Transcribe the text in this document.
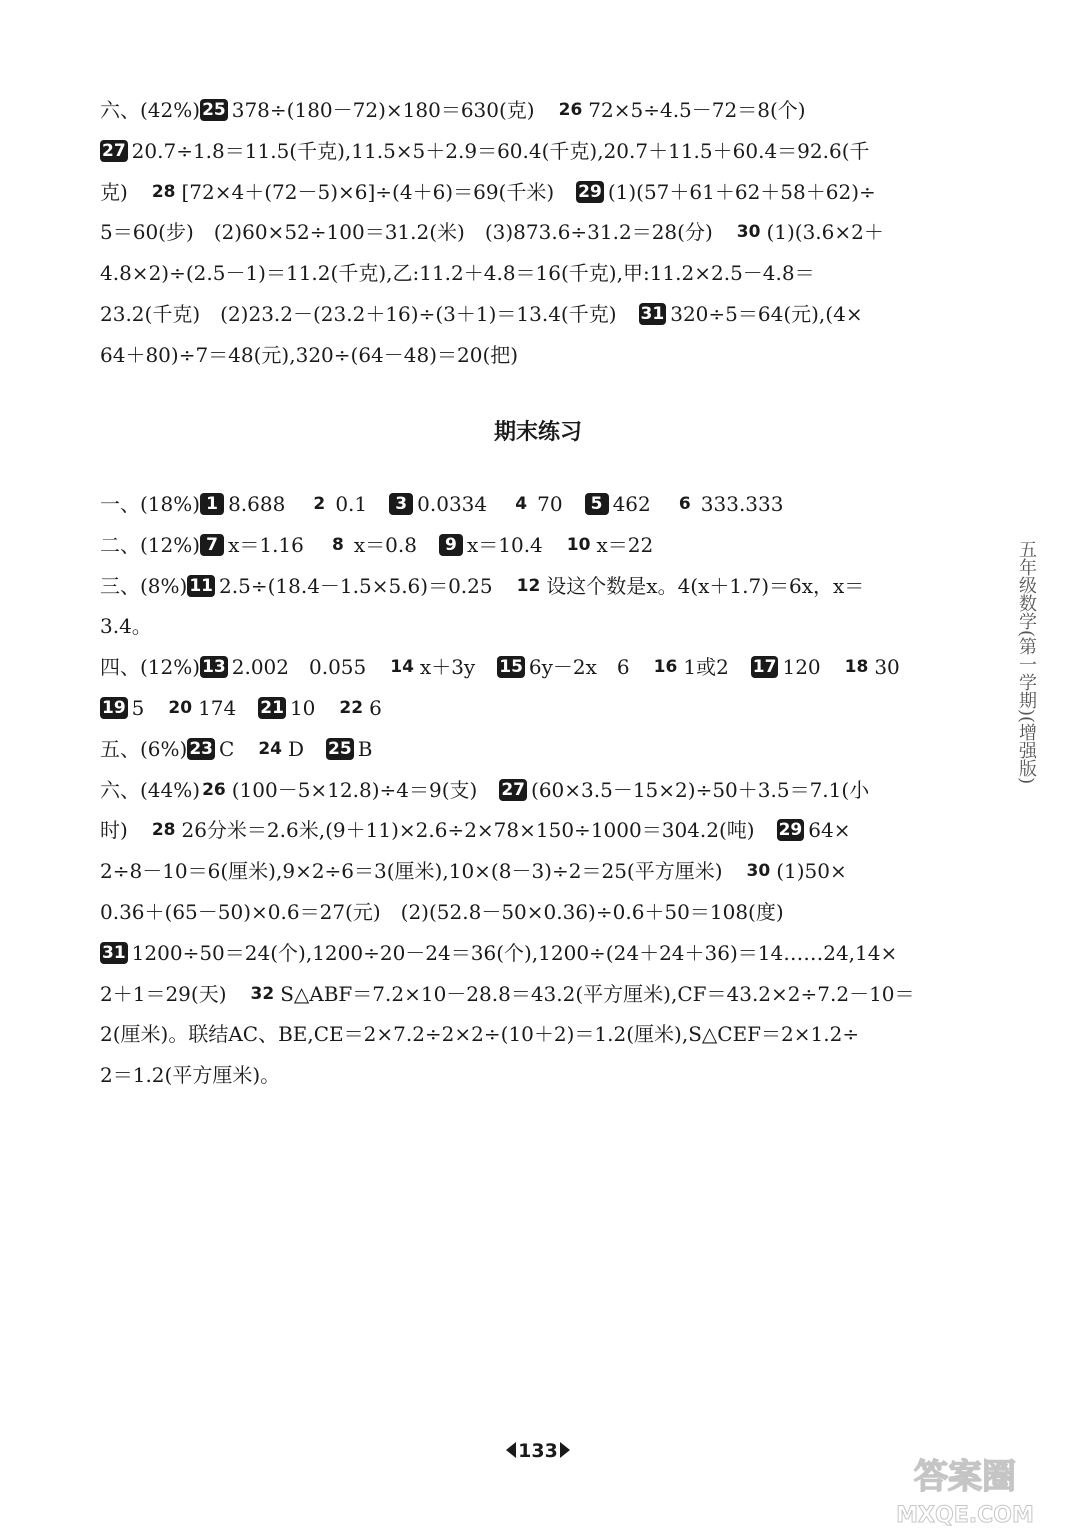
六、(42%) 25 378÷(180－72)×180＝630(克) 26 72×5÷4.5－72＝8(个)
27 20.7÷1.8＝11.5(千克),11.5×5＋2.9＝60.4(千克),20.7＋11.5＋60.4＝92.6(千
克) 28 [72×4＋(72－5)×6]÷(4＋6)＝69(千米) 29 (1)(57＋61＋62＋58＋62)÷
5＝60(步)　(2)60×52÷100＝31.2(米)　(3)873.6÷31.2＝28(分) 30 (1)(3.6×2＋
4.8×2)÷(2.5－1)＝11.2(千克),乙:11.2＋4.8＝16(千克),甲:11.2×2.5－4.8＝
23.2(千克)　(2)23.2－(23.2＋16)÷(3＋1)＝13.4(千克) 31 320÷5＝64(元),(4×
64＋80)÷7＝48(元),320÷(64－48)＝20(把)
期末练习
一、(18%) 1 8.688 2 0.1 3 0.0334 4 70 5 462 6 333.333
二、(12%) 7 x＝1.16 8 x＝0.8 9 x＝10.4 10 x＝22
三、(8%) 11 2.5÷(18.4－1.5×5.6)＝0.25 12 设这个数是x。4(x＋1.7)＝6x，x＝
3.4。
四、(12%) 13 2.002　0.055 14 x＋3y 15 6y－2x　6 16 1或2 17 120 18 30
19 5 20 174 21 10 22 6
五、(6%) 23 C 24 D 25 B
六、(44%) 26 (100－5×12.8)÷4＝9(支) 27 (60×3.5－15×2)÷50＋3.5＝7.1(小
时) 28 26分米＝2.6米,(9＋11)×2.6÷2×78×150÷1000＝304.2(吨) 29 64×
2÷8－10＝6(厘米),9×2÷6＝3(厘米),10×(8－3)÷2＝25(平方厘米) 30 (1)50×
0.36＋(65－50)×0.6＝27(元)　(2)(52.8－50×0.36)÷0.6＋50＝108(度)
31 1200÷50＝24(个),1200÷20－24＝36(个),1200÷(24＋24＋36)＝14……24,14×
2＋1＝29(天) 32 S△ABF＝7.2×10－28.8＝43.2(平方厘米),CF＝43.2×2÷7.2－10＝
2(厘米)。联结AC、BE,CE＝2×7.2÷2×2÷(10＋2)＝1.2(厘米),S△CEF＝2×1.2÷
2＝1.2(平方厘米)。
五年级数学(第一学期)(增强版)
133
答案圈
MXQE.COM
